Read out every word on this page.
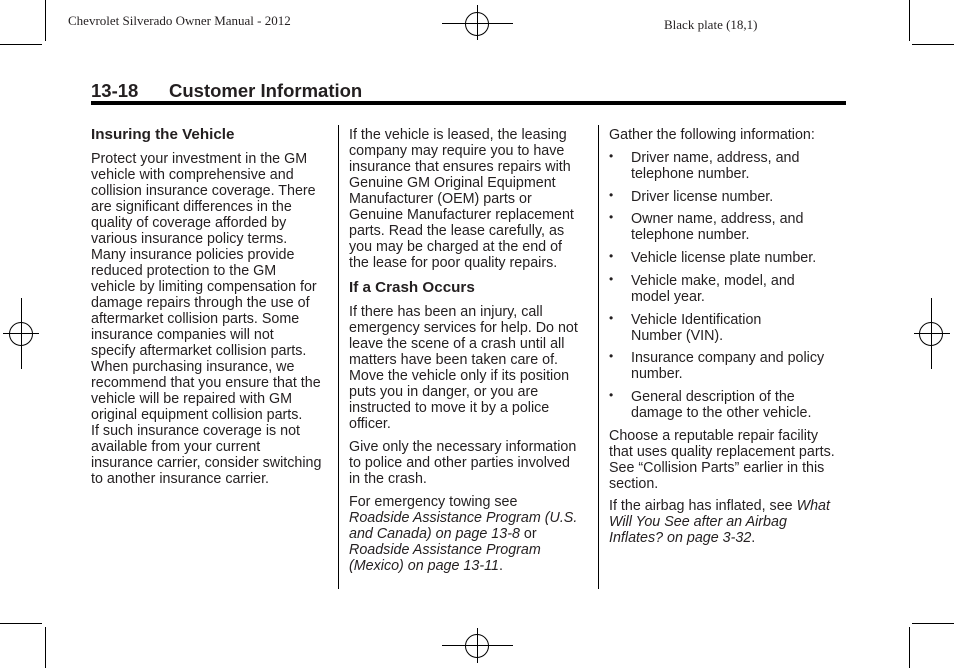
Chevrolet Silverado Owner Manual - 2012	Black plate (18,1)
13-18 Customer Information
Insuring the Vehicle
Protect your investment in the GM
vehicle with comprehensive and
collision insurance coverage. There
are significant differences in the
quality of coverage afforded by
various insurance policy terms.
Many insurance policies provide
reduced protection to the GM
vehicle by limiting compensation for
damage repairs through the use of
aftermarket collision parts. Some
insurance companies will not
specify aftermarket collision parts.
When purchasing insurance, we
recommend that you ensure that the
vehicle will be repaired with GM
original equipment collision parts.
If such insurance coverage is not
available from your current
insurance carrier, consider switching
to another insurance carrier.
If the vehicle is leased, the leasing
company may require you to have
insurance that ensures repairs with
Genuine GM Original Equipment
Manufacturer (OEM) parts or
Genuine Manufacturer replacement
parts. Read the lease carefully, as
you may be charged at the end of
the lease for poor quality repairs.
If a Crash Occurs
If there has been an injury, call
emergency services for help. Do not
leave the scene of a crash until all
matters have been taken care of.
Move the vehicle only if its position
puts you in danger, or you are
instructed to move it by a police
officer.
Give only the necessary information
to police and other parties involved
in the crash.
For emergency towing see
Roadside Assistance Program (U.S.
and Canada) on page 13-8 or
Roadside Assistance Program
(Mexico) on page 13-11.
Gather the following information:
• Driver name, address, and
telephone number.
• Driver license number.
• Owner name, address, and
telephone number.
• Vehicle license plate number.
• Vehicle make, model, and
model year.
• Vehicle Identification
Number (VIN).
• Insurance company and policy
number.
• General description of the
damage to the other vehicle.
Choose a reputable repair facility
that uses quality replacement parts.
See “Collision Parts” earlier in this
section.
If the airbag has inflated, see What
Will You See after an Airbag
Inflates? on page 3-32.
